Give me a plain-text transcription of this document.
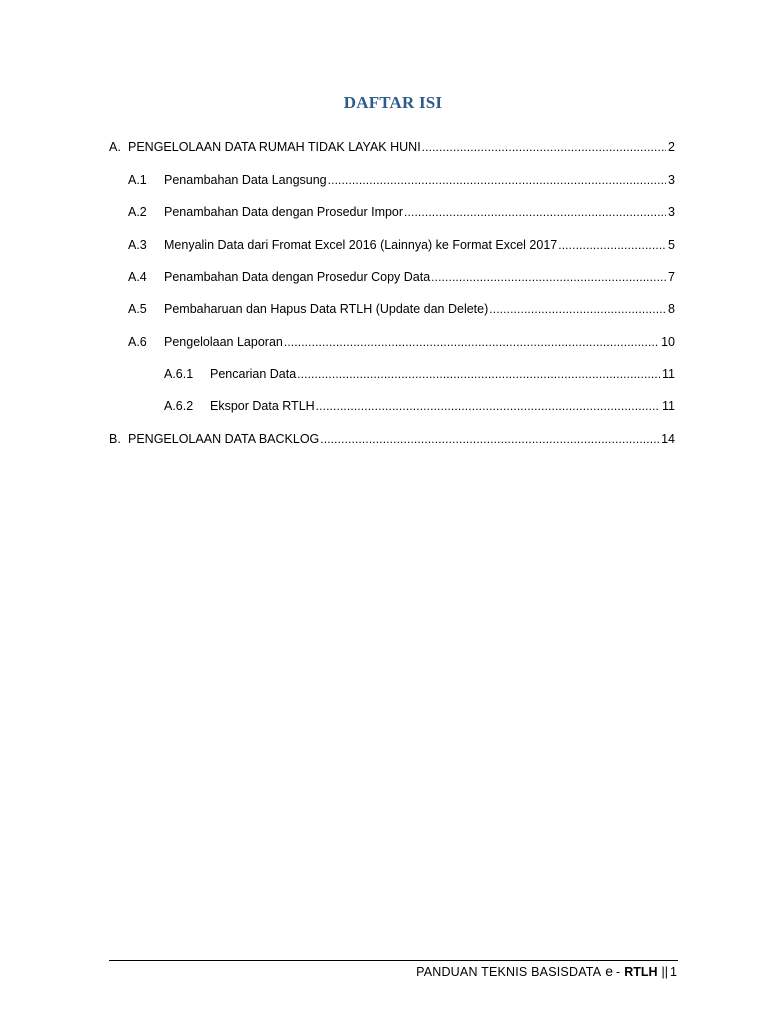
DAFTAR ISI
A. PENGELOLAAN DATA RUMAH TIDAK LAYAK HUNI . . .	2
A.1	Penambahan Data Langsung . . .	3
A.2	Penambahan Data dengan Prosedur Impor . . .	3
A.3	Menyalin Data dari Fromat Excel 2016 (Lainnya) ke Format Excel 2017 . . .	5
A.4	Penambahan Data dengan Prosedur Copy Data . . .	7
A.5	Pembaharuan dan Hapus Data RTLH (Update dan Delete) . . .	8
A.6	Pengelolaan Laporan . . .	10
A.6.1	Pencarian Data . . .	11
A.6.2	Ekspor Data RTLH . . .	11
B. PENGELOLAAN DATA BACKLOG . . .	14
PANDUAN TEKNIS BASISDATA e - RTLH || 1
